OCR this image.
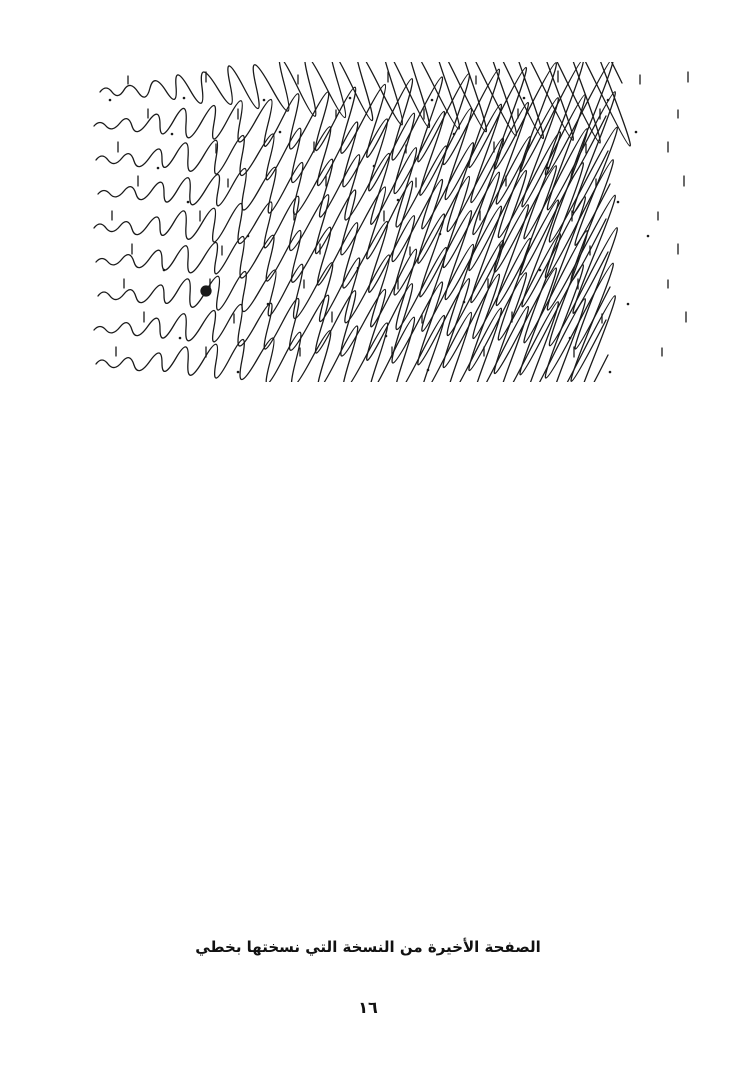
الصفحة الأخيرة من النسخة التي نسختها بخطي
١٦
